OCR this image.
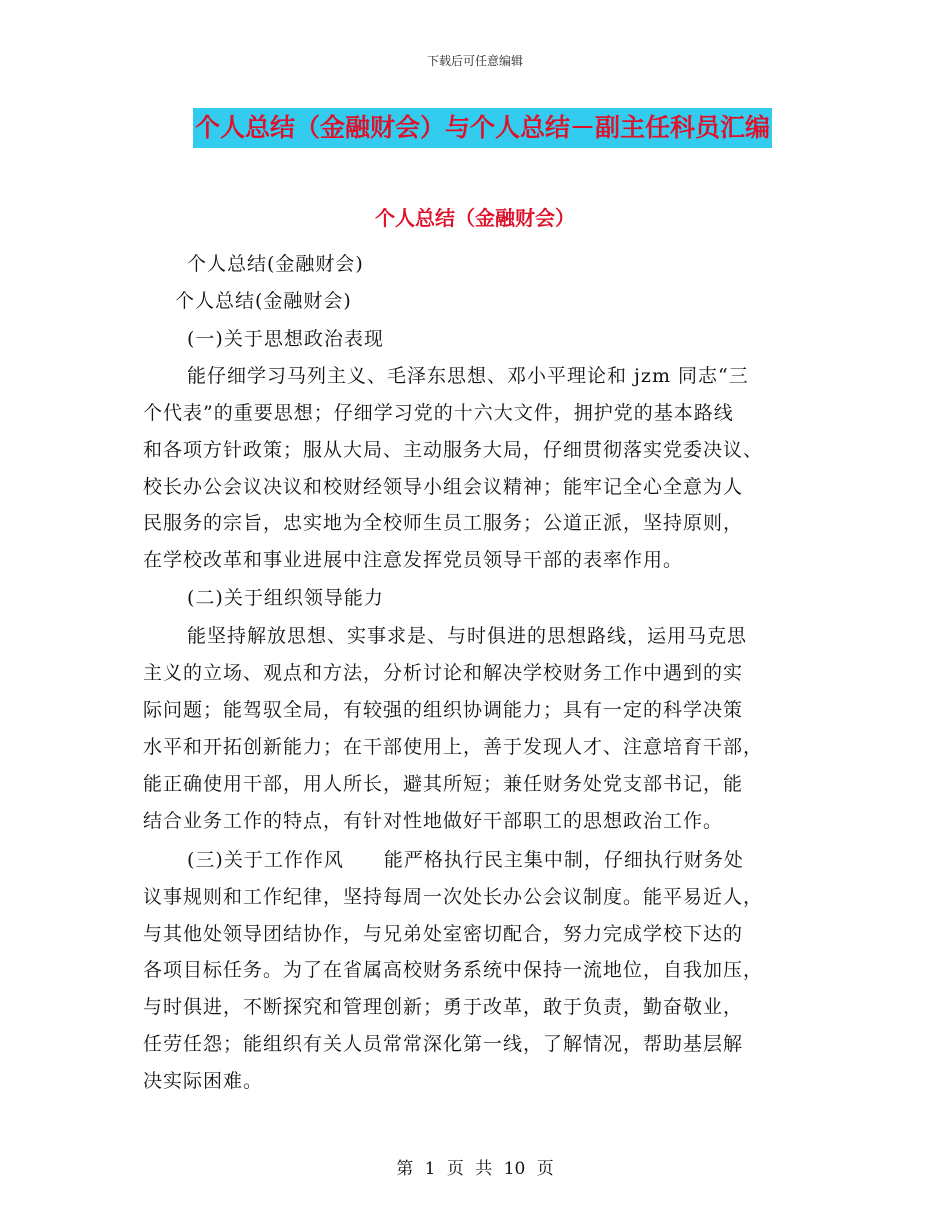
下载后可任意编辑
个人总结（金融财会）与个人总结－副主任科员汇编
个人总结（金融财会）
个人总结(金融财会)
个人总结(金融财会)
(一)关于思想政治表现
能仔细学习马列主义、毛泽东思想、邓小平理论和 jzm 同志“三
个代表”的重要思想；仔细学习党的十六大文件，拥护党的基本路线
和各项方针政策；服从大局、主动服务大局，仔细贯彻落实党委决议、
校长办公会议决议和校财经领导小组会议精神；能牢记全心全意为人
民服务的宗旨，忠实地为全校师生员工服务；公道正派，坚持原则，
在学校改革和事业进展中注意发挥党员领导干部的表率作用。
(二)关于组织领导能力
能坚持解放思想、实事求是、与时俱进的思想路线，运用马克思
主义的立场、观点和方法，分析讨论和解决学校财务工作中遇到的实
际问题；能驾驭全局，有较强的组织协调能力；具有一定的科学决策
水平和开拓创新能力；在干部使用上，善于发现人才、注意培育干部，
能正确使用干部，用人所长，避其所短；兼任财务处党支部书记，能
结合业务工作的特点，有针对性地做好干部职工的思想政治工作。
(三)关于工作作风　　能严格执行民主集中制，仔细执行财务处
议事规则和工作纪律，坚持每周一次处长办公会议制度。能平易近人，
与其他处领导团结协作，与兄弟处室密切配合，努力完成学校下达的
各项目标任务。为了在省属高校财务系统中保持一流地位，自我加压，
与时俱进，不断探究和管理创新；勇于改革，敢于负责，勤奋敬业，
任劳任怨；能组织有关人员常常深化第一线，了解情况，帮助基层解
决实际困难。
第 1 页 共 10 页
